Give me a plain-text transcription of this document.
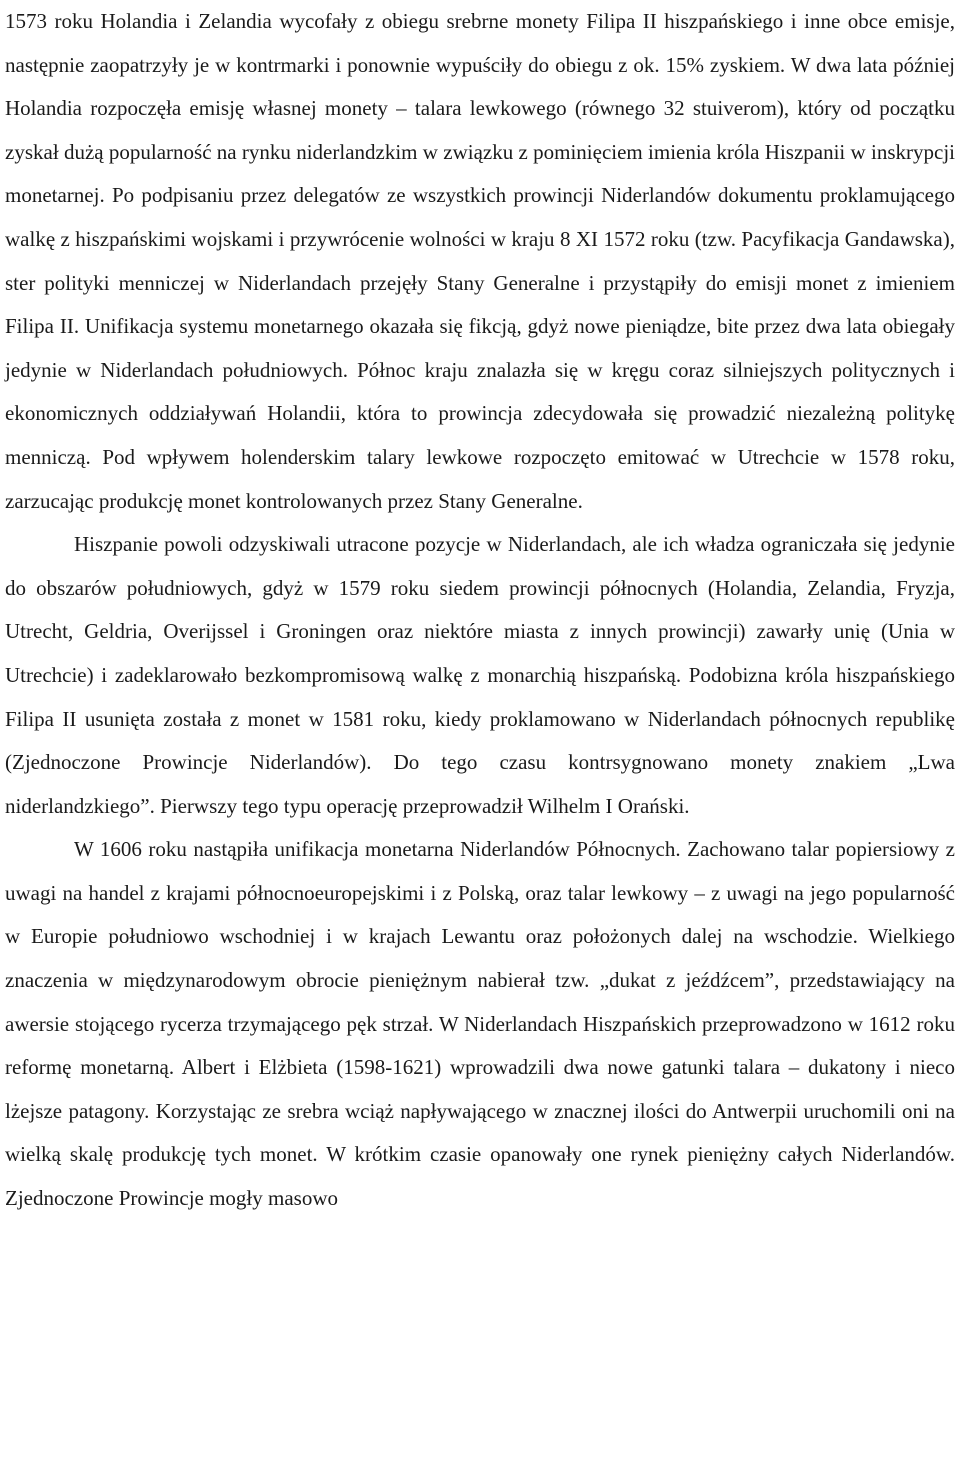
1573 roku Holandia i Zelandia wycofały z obiegu srebrne monety Filipa II hiszpańskiego i inne obce emisje, następnie zaopatrzyły je w kontrmarki i ponownie wypuściły do obiegu z ok. 15% zyskiem. W dwa lata później Holandia rozpoczęła emisję własnej monety – talara lewkowego (równego 32 stuiverom), który od początku zyskał dużą popularność na rynku niderlandzkim w związku z pominięciem imienia króla Hiszpanii w inskrypcji monetarnej. Po podpisaniu przez delegatów ze wszystkich prowincji Niderlandów dokumentu proklamującego walkę z hiszpańskimi wojskami i przywrócenie wolności w kraju 8 XI 1572 roku (tzw. Pacyfikacja Gandawska), ster polityki menniczej w Niderlandach przejęły Stany Generalne i przystąpiły do emisji monet z imieniem Filipa II. Unifikacja systemu monetarnego okazała się fikcją, gdyż nowe pieniądze, bite przez dwa lata obiegały jedynie w Niderlandach południowych. Północ kraju znalazła się w kręgu coraz silniejszych politycznych i ekonomicznych oddziaływań Holandii, która to prowincja zdecydowała się prowadzić niezależną politykę menniczą. Pod wpływem holenderskim talary lewkowe rozpoczęto emitować w Utrechcie w 1578 roku, zarzucając produkcję monet kontrolowanych przez Stany Generalne.

Hiszpanie powoli odzyskiwali utracone pozycje w Niderlandach, ale ich władza ograniczała się jedynie do obszarów południowych, gdyż w 1579 roku siedem prowincji północnych (Holandia, Zelandia, Fryzja, Utrecht, Geldria, Overijssel i Groningen oraz niektóre miasta z innych prowincji) zawarły unię (Unia w Utrechcie) i zadeklarowało bezkompromisową walkę z monarchią hiszpańską. Podobizna króla hiszpańskiego Filipa II usunięta została z monet w 1581 roku, kiedy proklamowano w Niderlandach północnych republikę (Zjednoczone Prowincje Niderlandów). Do tego czasu kontrsygnowano monety znakiem „Lwa niderlandzkiego”. Pierwszy tego typu operację przeprowadził Wilhelm I Orański.

W 1606 roku nastąpiła unifikacja monetarna Niderlandów Północnych. Zachowano talar popiersiowy z uwagi na handel z krajami północnoeuropejskimi i z Polską, oraz talar lewkowy – z uwagi na jego popularność w Europie południowo wschodniej i w krajach Lewantu oraz położonych dalej na wschodzie. Wielkiego znaczenia w międzynarodowym obrocie pieniężnym nabierał tzw. „dukat z jeźdźcem”, przedstawiający na awersie stojącego rycerza trzymającego pęk strzał. W Niderlandach Hiszpańskich przeprowadzono w 1612 roku reformę monetarną. Albert i Elżbieta (1598-1621) wprowadzili dwa nowe gatunki talara – dukatony i nieco lżejsze patagony. Korzystając ze srebra wciąż napływającego w znacznej ilości do Antwerpii uruchomili oni na wielką skalę produkcję tych monet. W krótkim czasie opanowały one rynek pieniężny całych Niderlandów. Zjednoczone Prowincje mogły masowo
